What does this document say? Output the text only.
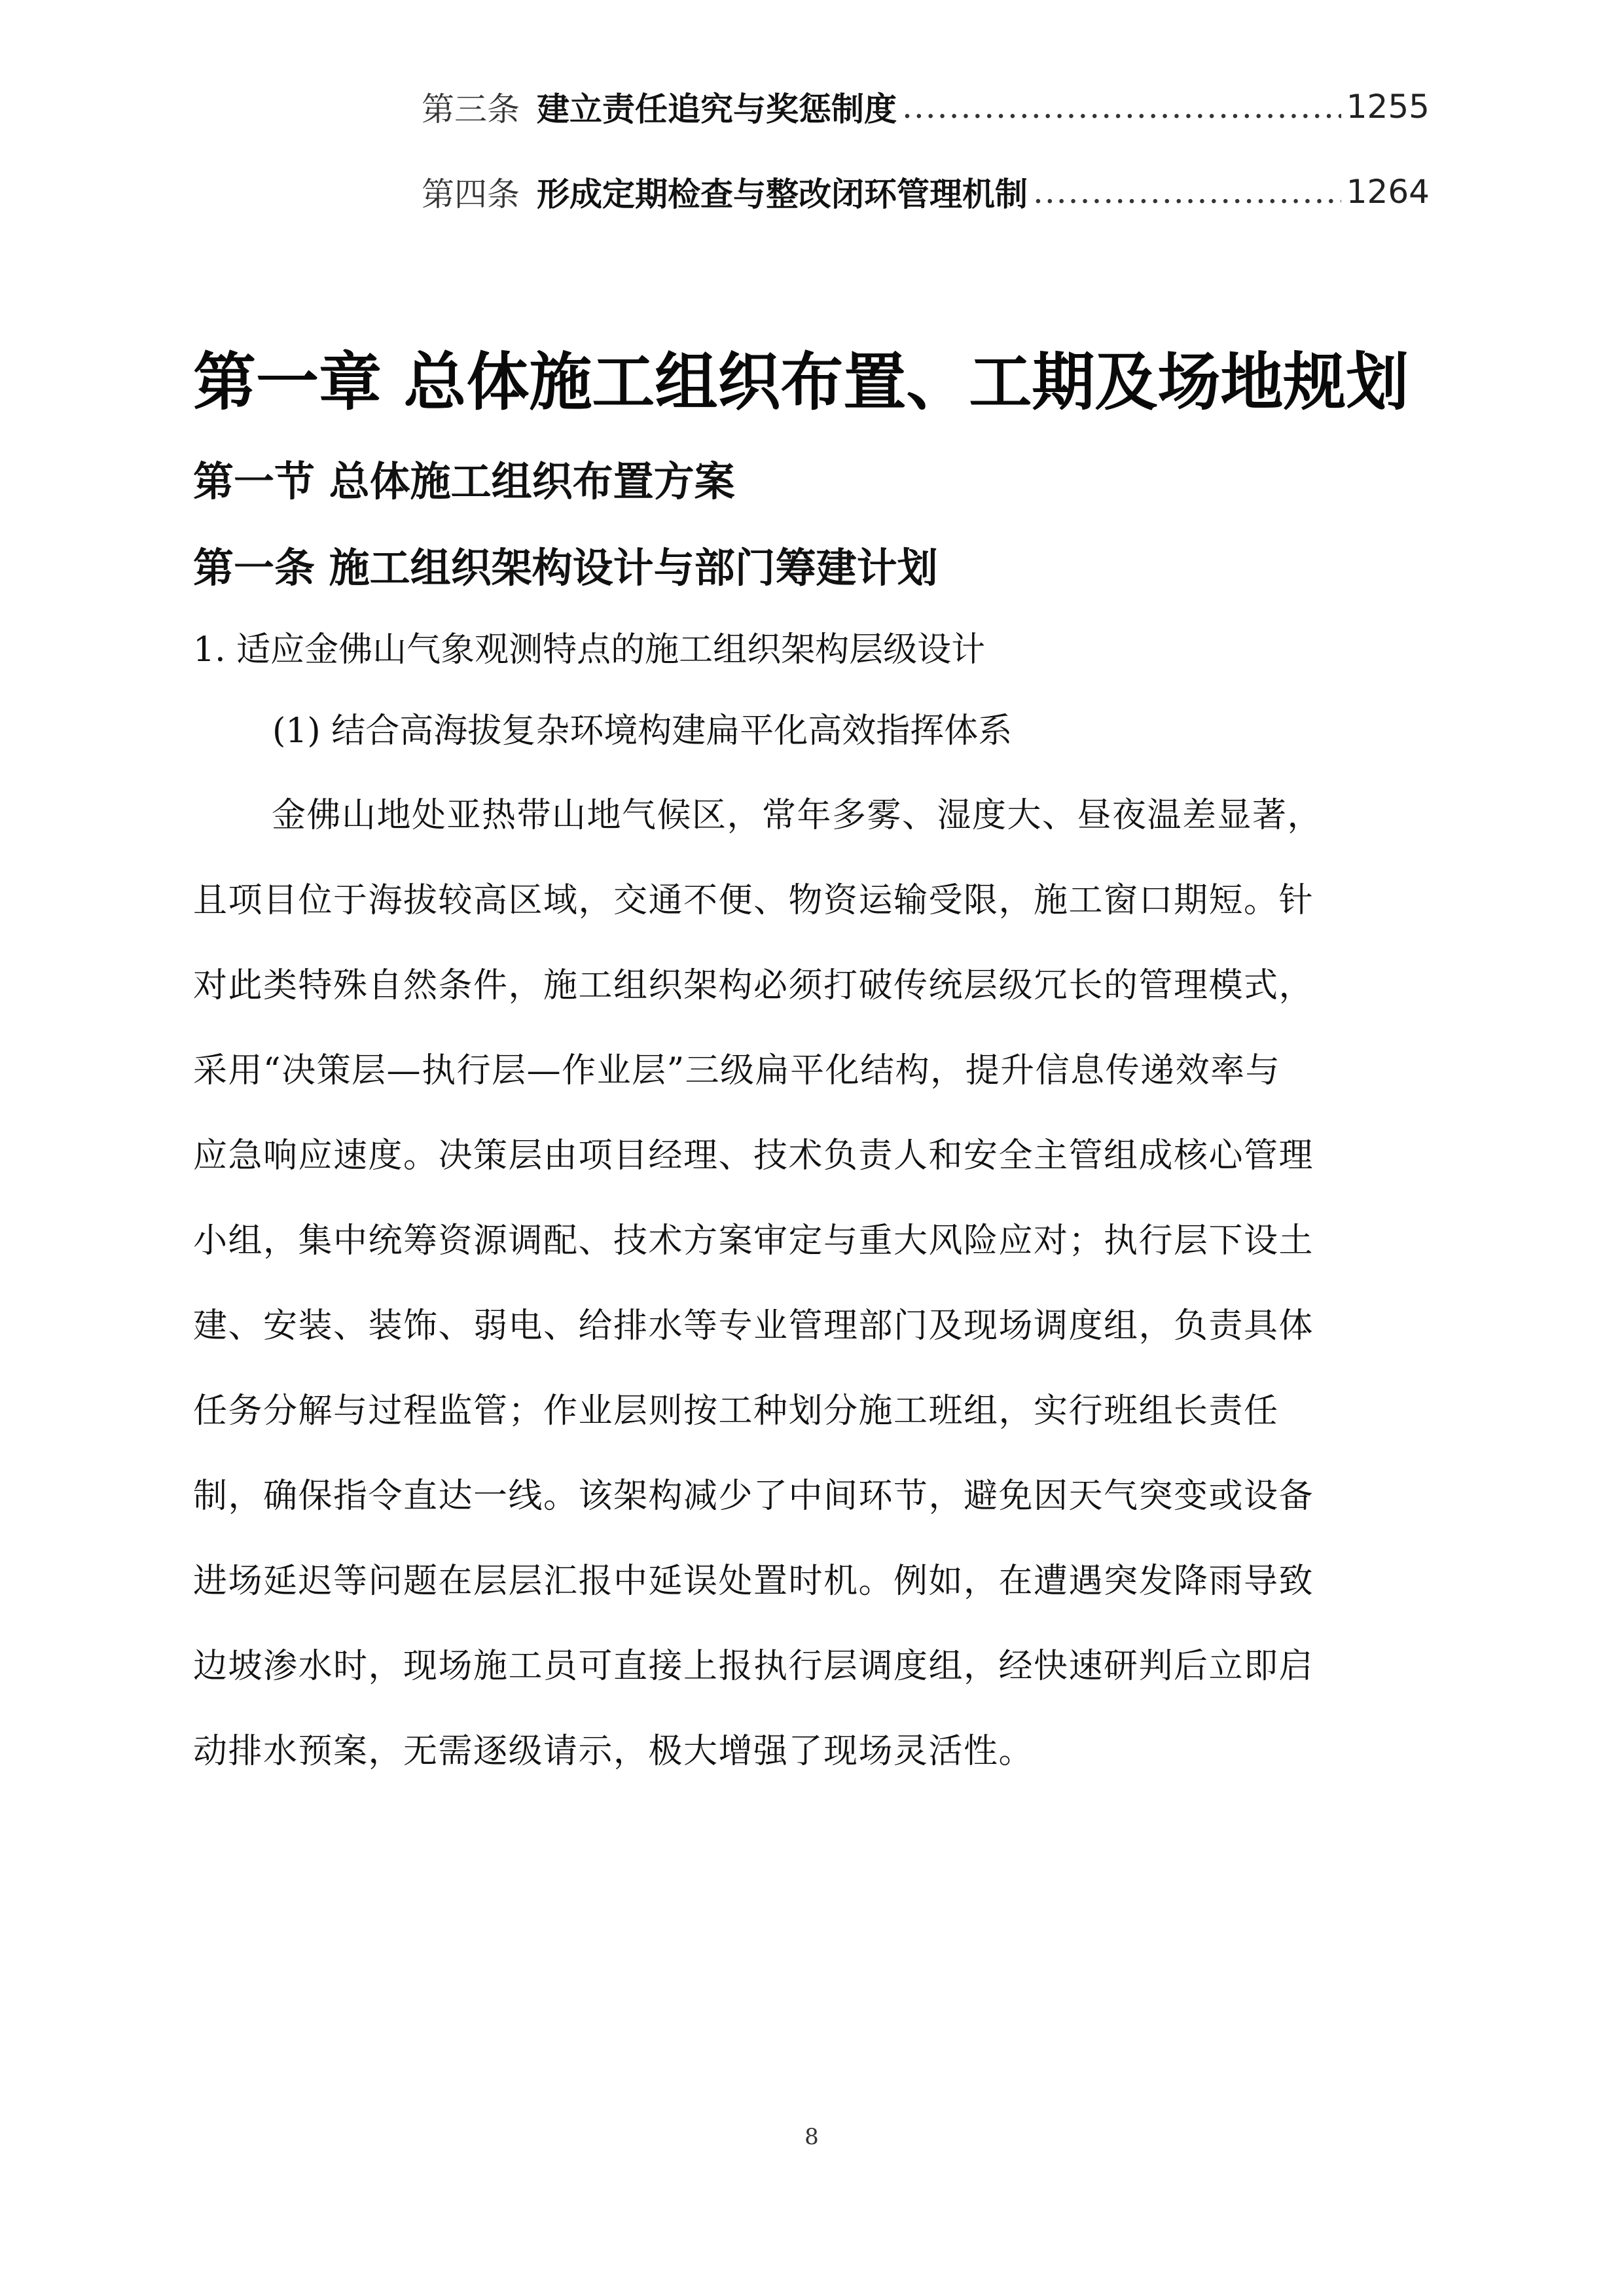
第三条 建立责任追究与奖惩制度 .....	1255
第四条 形成定期检查与整改闭环管理机制 .....	1264
第一章 总体施工组织布置、工期及场地规划
第一节 总体施工组织布置方案
第一条 施工组织架构设计与部门筹建计划
1. 适应金佛山气象观测特点的施工组织架构层级设计
(1) 结合高海拔复杂环境构建扁平化高效指挥体系
金佛山地处亚热带山地气候区，常年多雾、湿度大、昼夜温差显著，
且项目位于海拔较高区域，交通不便、物资运输受限，施工窗口期短。针
对此类特殊自然条件，施工组织架构必须打破传统层级冗长的管理模式，
采用“决策层—执行层—作业层”三级扁平化结构，提升信息传递效率与
应急响应速度。决策层由项目经理、技术负责人和安全主管组成核心管理
小组，集中统筹资源调配、技术方案审定与重大风险应对；执行层下设土
建、安装、装饰、弱电、给排水等专业管理部门及现场调度组，负责具体
任务分解与过程监管；作业层则按工种划分施工班组，实行班组长责任
制，确保指令直达一线。该架构减少了中间环节，避免因天气突变或设备
进场延迟等问题在层层汇报中延误处置时机。例如，在遭遇突发降雨导致
边坡渗水时，现场施工员可直接上报执行层调度组，经快速研判后立即启
动排水预案，无需逐级请示，极大增强了现场灵活性。
8
